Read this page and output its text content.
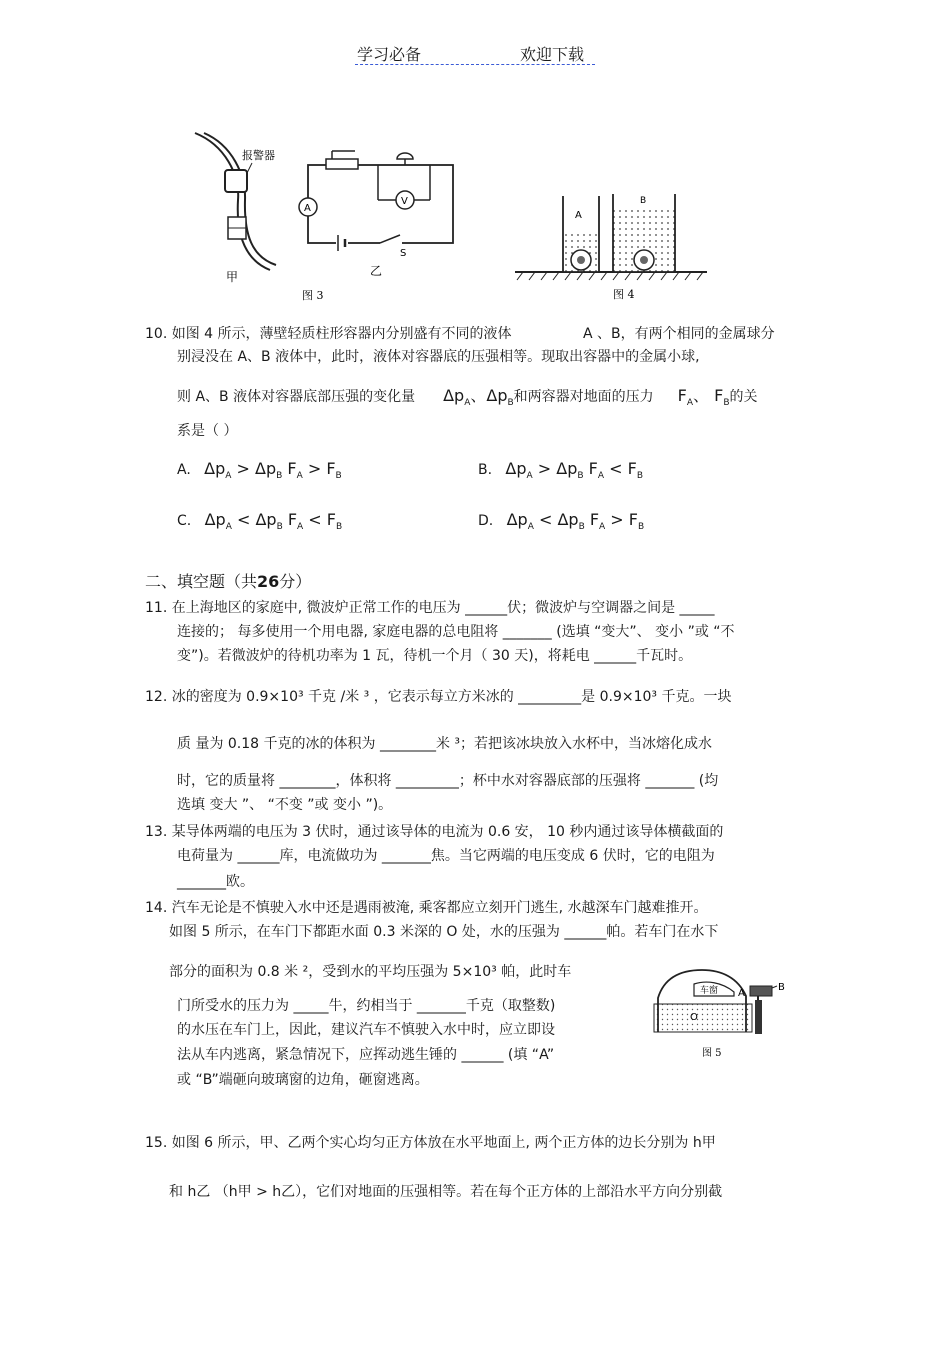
学习必备	欢迎下载
报警器
甲
A
V
S
乙
图 3
A
B
图 4
10. 如图 4 所示，薄壁轻质柱形容器内分别盛有不同的液体	A 、B，有两个相同的金属球分
别浸没在 A、B 液体中，此时，液体对容器底的压强相等。现取出容器中的金属小球,
则 A、B 液体对容器底部压强的变化量 $\Delta p_A$、$\Delta p_B$和两容器对地面的压力 $F_A$、 $F_B$的关
系是（ ）
A. $\Delta p_A > \Delta p_B$ $F_A > F_B$	B. $\Delta p_A > \Delta p_B$ $F_A < F_B$
C. $\Delta p_A < \Delta p_B$ $F_A < F_B$	D. $\Delta p_A < \Delta p_B$ $F_A > F_B$
二、填空题（共26分）
11. 在上海地区的家庭中, 微波炉正常工作的电压为 ______伏；微波炉与空调器之间是 _____
连接的； 每多使用一个用电器, 家庭电器的总电阻将 _______ (选填 “变大”、 变小 ”或 “不
变”)。若微波炉的待机功率为 1 瓦，待机一个月（ 30 天)，将耗电 ______千瓦时。
12. 冰的密度为 0.9×10³ 千克 /米 ³ ，它表示每立方米冰的 _________是 0.9×10³ 千克。一块
质 量为 0.18 千克的冰的体积为 ________米 ³；若把该冰块放入水杯中，当冰熔化成水
时，它的质量将 ________，体积将 _________；杯中水对容器底部的压强将 _______ (均
选填 变大 ”、 “不变 ”或 变小 ”)。
13. 某导体两端的电压为 3 伏时，通过该导体的电流为 0.6 安， 10 秒内通过该导体横截面的
电荷量为 ______库，电流做功为 _______焦。当它两端的电压变成 6 伏时，它的电阻为
_______欧。
14. 汽车无论是不慎驶入水中还是遇雨被淹, 乘客都应立刻开门逃生, 水越深车门越难推开。
如图 5 所示，在车门下都距水面 0.3 米深的 O 处，水的压强为 ______帕。若车门在水下
部分的面积为 0.8 米 ²，受到水的平均压强为 5×10³ 帕，此时车
门所受水的压力为 _____牛，约相当于 _______千克（取整数)
的水压在车门上，因此，建议汽车不慎驶入水中时，应立即设
法从车内逃离，紧急情况下，应挥动逃生锤的 ______ (填 “A”
或 “B”端砸向玻璃窗的边角，砸窗逃离。
车窗
O
A
B
图 5
15. 如图 6 所示，甲、乙两个实心均匀正方体放在水平地面上, 两个正方体的边长分别为 h甲
和 h乙 （h甲 > h乙），它们对地面的压强相等。若在每个正方体的上部沿水平方向分别截
